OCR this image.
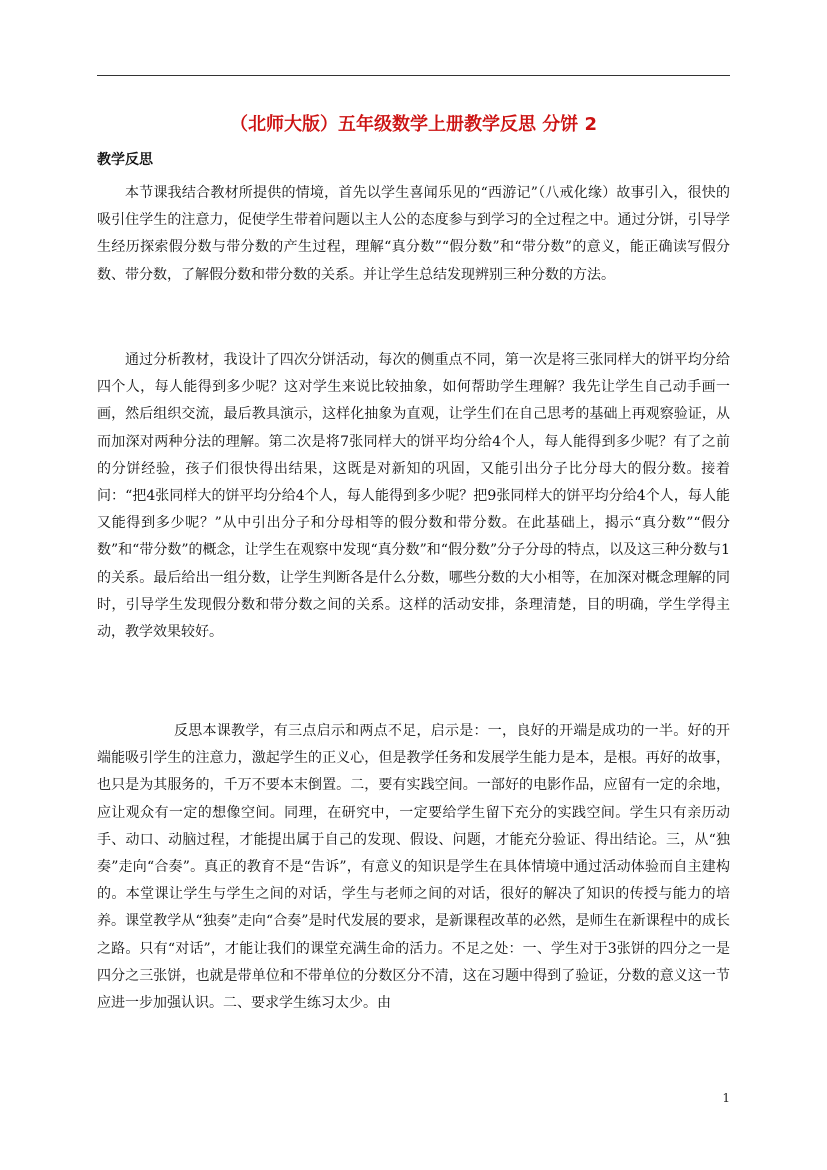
（北师大版）五年级数学上册教学反思 分饼 2
教学反思

本节课我结合教材所提供的情境，首先以学生喜闻乐见的“西游记”（八戒化缘）故事引入，很快的吸引住学生的注意力，促使学生带着问题以主人公的态度参与到学习的全过程之中。通过分饼，引导学生经历探索假分数与带分数的产生过程，理解“真分数”“假分数”和“带分数”的意义，能正确读写假分数、带分数，了解假分数和带分数的关系。并让学生总结发现辨别三种分数的方法。

通过分析教材，我设计了四次分饼活动，每次的侧重点不同，第一次是将三张同样大的饼平均分给四个人，每人能得到多少呢？这对学生来说比较抽象，如何帮助学生理解？我先让学生自己动手画一画，然后组织交流，最后教具演示，这样化抽象为直观，让学生们在自己思考的基础上再观察验证，从而加深对两种分法的理解。第二次是将7张同样大的饼平均分给4个人，每人能得到多少呢？有了之前的分饼经验，孩子们很快得出结果，这既是对新知的巩固，又能引出分子比分母大的假分数。接着问：“把4张同样大的饼平均分给4个人，每人能得到多少呢？把9张同样大的饼平均分给4个人，每人能又能得到多少呢？”从中引出分子和分母相等的假分数和带分数。在此基础上，揭示“真分数”“假分数”和“带分数”的概念，让学生在观察中发现“真分数”和“假分数”分子分母的特点，以及这三种分数与1的关系。最后给出一组分数，让学生判断各是什么分数，哪些分数的大小相等，在加深对概念理解的同时，引导学生发现假分数和带分数之间的关系。这样的活动安排，条理清楚，目的明确，学生学得主动，教学效果较好。

反思本课教学，有三点启示和两点不足，启示是：一，良好的开端是成功的一半。好的开端能吸引学生的注意力，激起学生的正义心，但是教学任务和发展学生能力是本，是根。再好的故事，也只是为其服务的，千万不要本末倒置。二，要有实践空间。一部好的电影作品，应留有一定的余地，应让观众有一定的想像空间。同理，在研究中，一定要给学生留下充分的实践空间。学生只有亲历动手、动口、动脑过程，才能提出属于自己的发现、假设、问题，才能充分验证、得出结论。三，从“独奏”走向“合奏”。真正的教育不是“告诉”，有意义的知识是学生在具体情境中通过活动体验而自主建构的。本堂课让学生与学生之间的对话，学生与老师之间的对话，很好的解决了知识的传授与能力的培养。课堂教学从“独奏”走向“合奏”是时代发展的要求，是新课程改革的必然，是师生在新课程中的成长之路。只有“对话”，才能让我们的课堂充满生命的活力。不足之处：一、学生对于3张饼的四分之一是四分之三张饼，也就是带单位和不带单位的分数区分不清，这在习题中得到了验证，分数的意义这一节应进一步加强认识。二、要求学生练习太少。由

1
